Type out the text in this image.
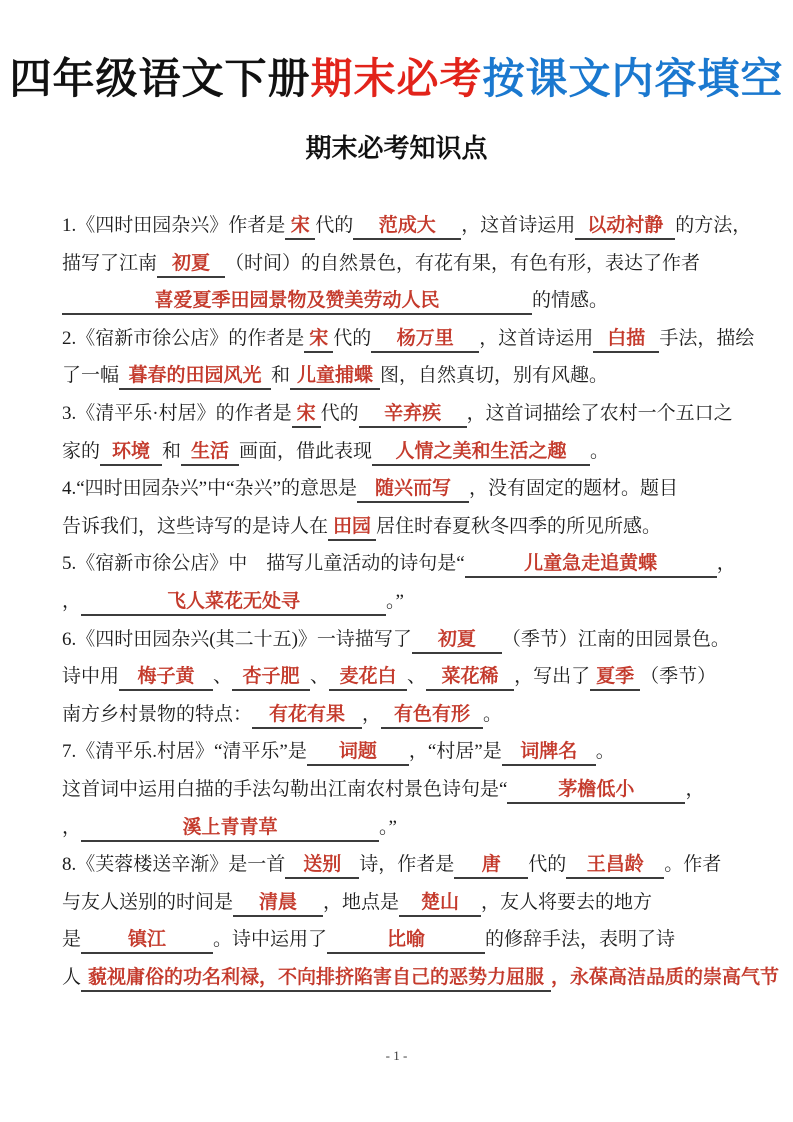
四年级语文下册期末必考按课文内容填空
期末必考知识点
1.《四时田园杂兴》作者是 宋 代的 范成大 ，这首诗运用 以动衬静 的方法，
描写了江南 初夏 （时间）的自然景色，有花有果，有色有形，表达了作者
喜爱夏季田园景物及赞美劳动人民	的情感。
2.《宿新市徐公店》的作者是 宋 代的 杨万里 ，这首诗运用 白描 手法，描绘
了一幅 暮春的田园风光 和 儿童捕蝶 图，自然真切，别有风趣。
3.《清平乐·村居》的作者是 宋 代的 辛弃疾 ，这首词描绘了农村一个五口之
家的 环境 和 生活 画面，借此表现 人情之美和生活之趣 。
4.“四时田园杂兴”中“杂兴”的意思是 随兴而写 ，没有固定的题材。题目
告诉我们，这些诗写的是诗人在 田园 居住时春夏秋冬四季的所见所感。
5.《宿新市徐公店》中　描写儿童活动的诗句是“	儿童急走追黄蝶	，
，	飞人菜花无处寻	。”
6.《四时田园杂兴(其二十五)》一诗描写了 初夏 （季节）江南的田园景色。
诗中用 梅子黄 、 杏子肥 、 麦花白 、 菜花稀 ，写出了 夏季 （季节）
南方乡村景物的特点： 有花有果 ， 有色有形 。
7.《清平乐.村居》“清平乐”是 词题 ，“村居”是 词牌名 。
这首词中运用白描的手法勾勒出江南农村景色诗句是“	茅檐低小	，
，	溪上青青草	。”
8.《芙蓉楼送辛渐》是一首 送别 诗，作者是 唐 代的 王昌龄 。作者
与友人送别的时间是 清晨 ，地点是 楚山 ，友人将要去的地方
是 镇江 。诗中运用了	比喻	的修辞手法，表明了诗
人 藐视庸俗的功名利禄，不向排挤陷害自己的恶势力屈服 ，永葆高洁品质的崇高气节
- 1 -
